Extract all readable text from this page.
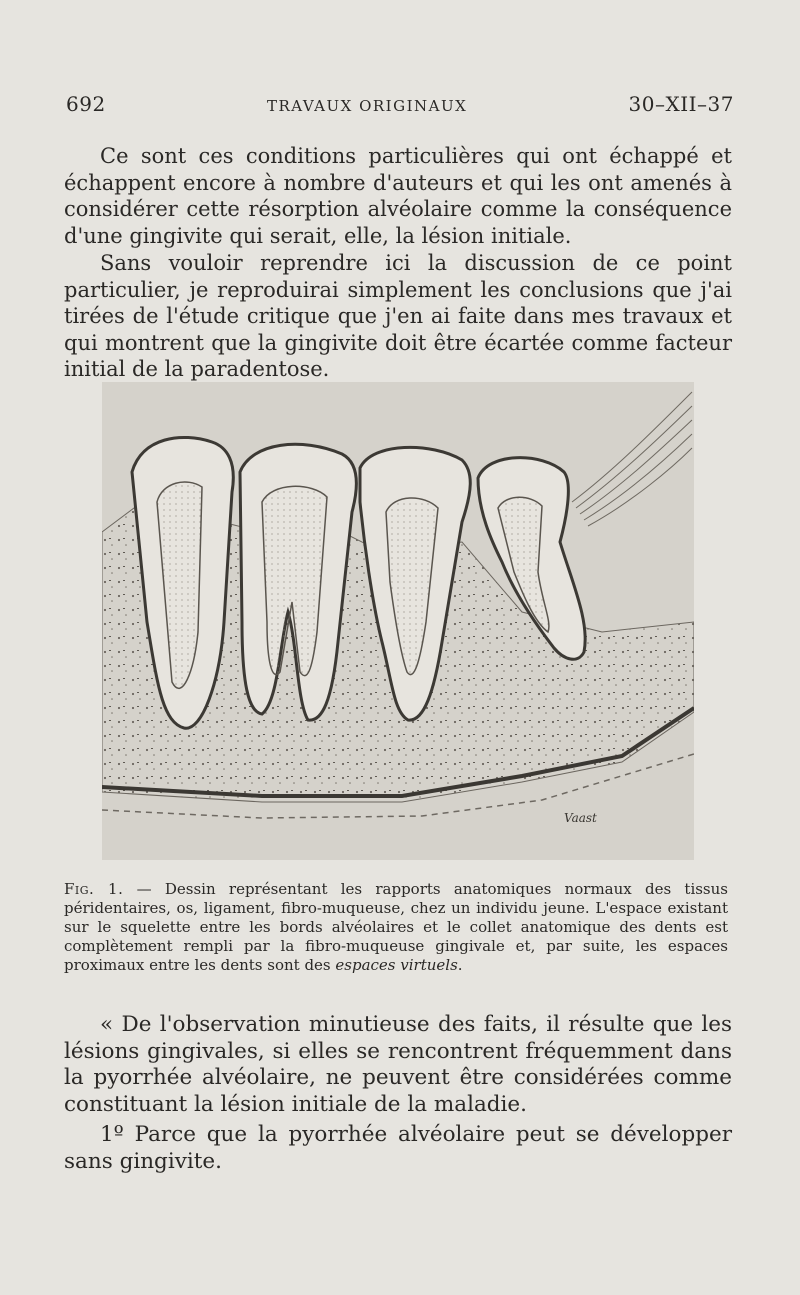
692	TRAVAUX ORIGINAUX	30–XII–37

Ce sont ces conditions particulières qui ont échappé et échappent encore à nombre d'auteurs et qui les ont amenés à considérer cette résorption alvéolaire comme la conséquence d'une gingivite qui serait, elle, la lésion initiale.

Sans vouloir reprendre ici la discussion de ce point particulier, je reproduirai simplement les conclusions que j'ai tirées de l'étude critique que j'en ai faite dans mes travaux et qui montrent que la gingivite doit être écartée comme facteur initial de la paradentose.

Vaast

Fig. 1. — Dessin représentant les rapports anatomiques normaux des tissus péridentaires, os, ligament, fibro-muqueuse, chez un individu jeune. L'espace existant sur le squelette entre les bords alvéolaires et le collet anatomique des dents est complètement rempli par la fibro-muqueuse gingivale et, par suite, les espaces proximaux entre les dents sont des espaces virtuels.

« De l'observation minutieuse des faits, il résulte que les lésions gingivales, si elles se rencontrent fréquemment dans la pyorrhée alvéolaire, ne peuvent être considérées comme constituant la lésion initiale de la maladie.

1º Parce que la pyorrhée alvéolaire peut se développer sans gingivite.
